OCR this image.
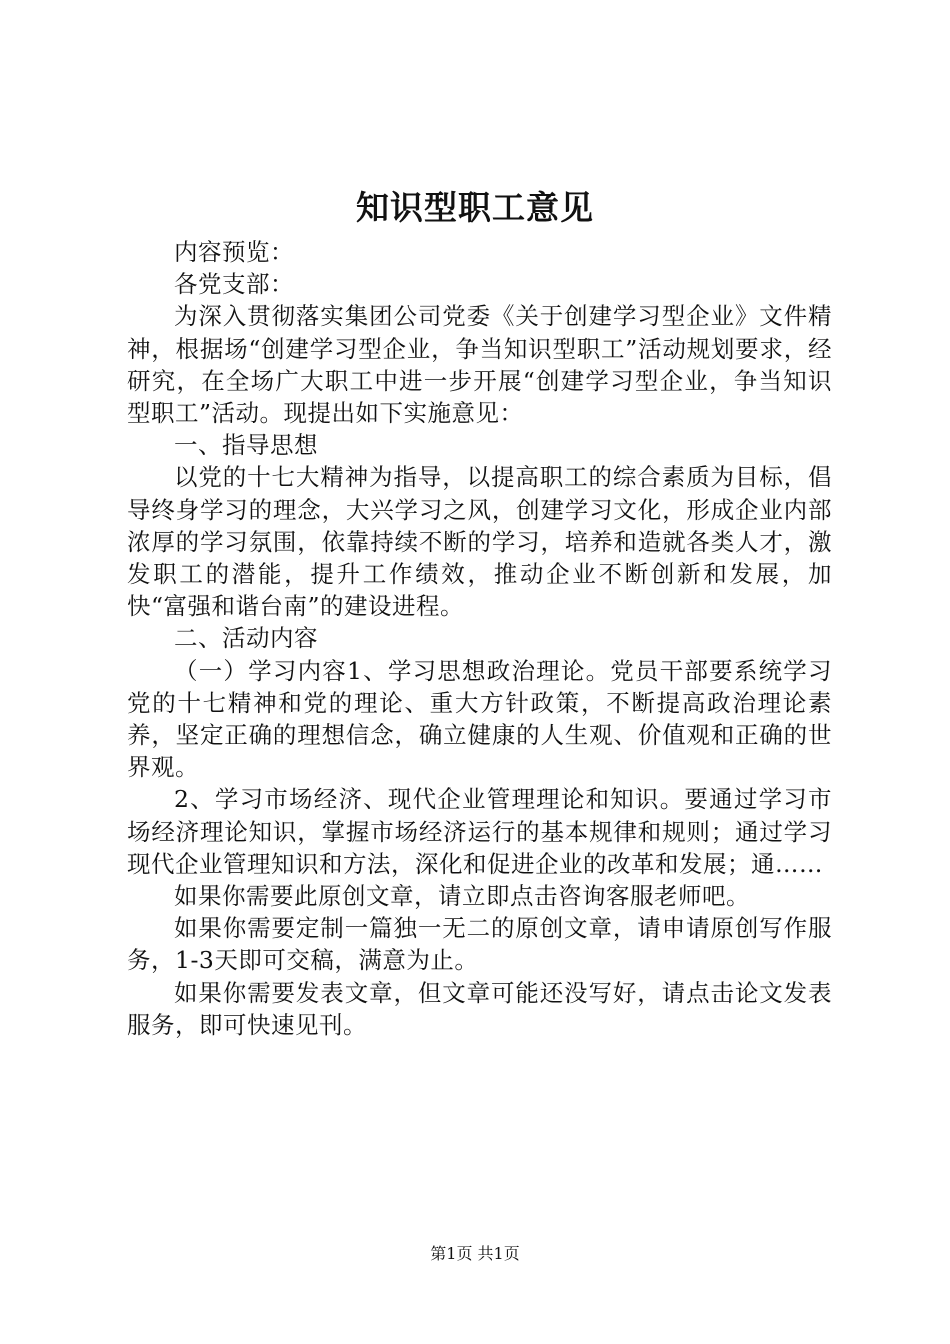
知识型职工意见

内容预览：

各党支部：

为深入贯彻落实集团公司党委《关于创建学习型企业》文件精神，根据场“创建学习型企业，争当知识型职工”活动规划要求，经研究，在全场广大职工中进一步开展“创建学习型企业，争当知识型职工”活动。现提出如下实施意见：

一、指导思想

以党的十七大精神为指导，以提高职工的综合素质为目标，倡导终身学习的理念，大兴学习之风，创建学习文化，形成企业内部浓厚的学习氛围，依靠持续不断的学习，培养和造就各类人才，激发职工的潜能，提升工作绩效，推动企业不断创新和发展，加快“富强和谐台南”的建设进程。

二、活动内容

（一）学习内容1、学习思想政治理论。党员干部要系统学习党的十七精神和党的理论、重大方针政策，不断提高政治理论素养，坚定正确的理想信念，确立健康的人生观、价值观和正确的世界观。

2、学习市场经济、现代企业管理理论和知识。要通过学习市场经济理论知识，掌握市场经济运行的基本规律和规则；通过学习现代企业管理知识和方法，深化和促进企业的改革和发展；通……

如果你需要此原创文章，请立即点击咨询客服老师吧。

如果你需要定制一篇独一无二的原创文章，请申请原创写作服务，1-3天即可交稿，满意为止。

如果你需要发表文章，但文章可能还没写好，请点击论文发表服务，即可快速见刊。

第1页 共1页
